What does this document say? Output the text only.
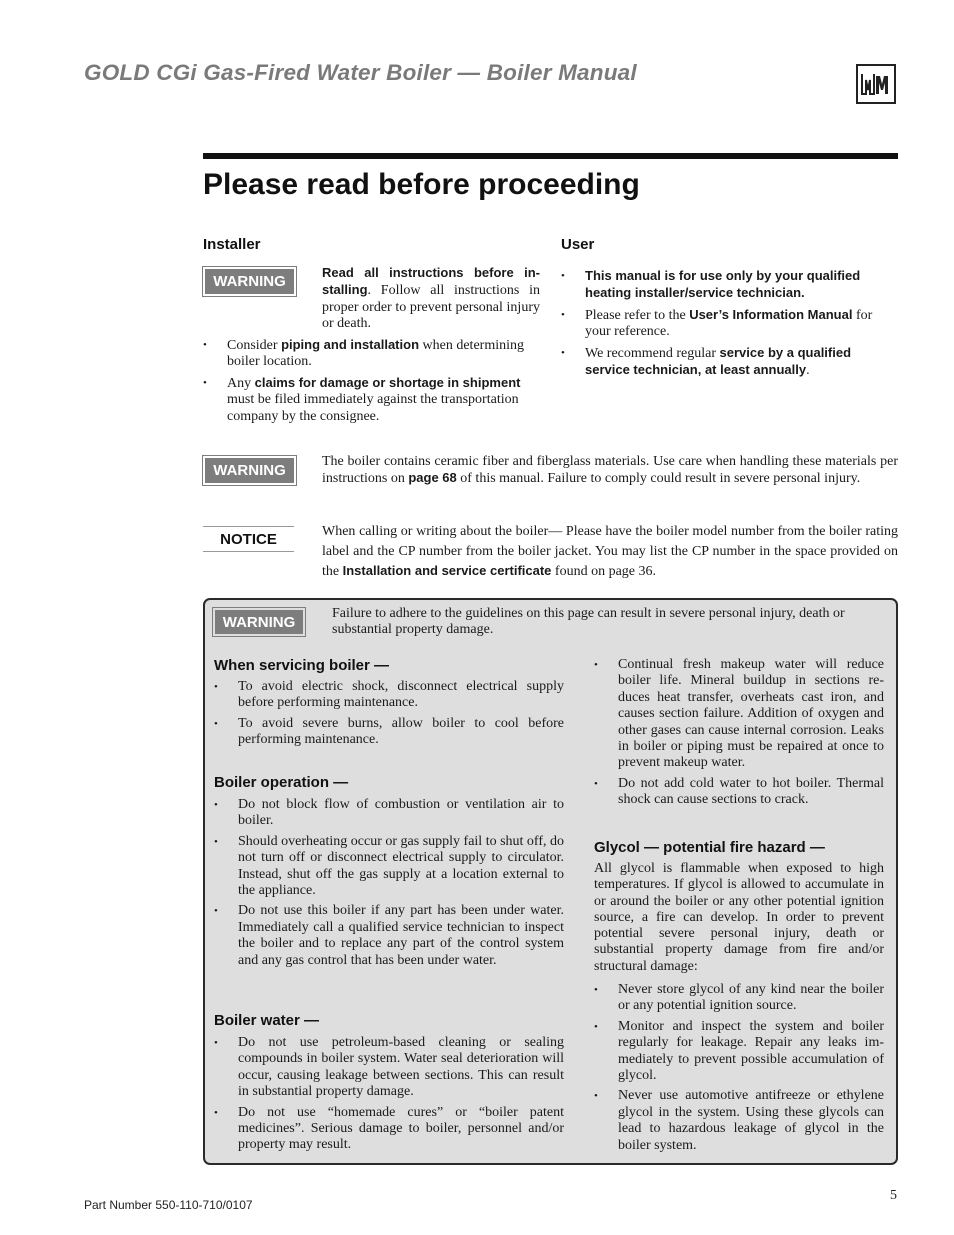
GOLD CGi Gas-Fired Water Boiler — Boiler Manual
Please read before proceeding
Installer
WARNING
Read all instructions before in-stalling. Follow all instructions in proper order to prevent personal injury or death.
• Consider piping and installation when determining boiler location.
• Any claims for damage or shortage in shipment must be filed immediately against the transportation company by the consignee.
User
• This manual is for use only by your qualified heating installer/service technician.
• Please refer to the User’s Information Manual for your reference.
• We recommend regular service by a qualified service technician, at least annually.
WARNING
The boiler contains ceramic fiber and fiberglass materials. Use care when handling these materials per instructions on page 68 of this manual. Failure to comply could result in severe personal injury.
NOTICE	When calling or writing about the boiler— Please have the boiler model number from the boiler rating label and the CP number from the boiler jacket. You may list the CP number in the space provided on the Installation and service certificate found on page 36.
WARNING	Failure to adhere to the guidelines on this page can result in severe personal injury, death or substantial property damage.
When servicing boiler —
• To avoid electric shock, disconnect electrical supply before performing maintenance.
• To avoid severe burns, allow boiler to cool before performing maintenance.
Boiler operation —
• Do not block flow of combustion or ventilation air to boiler.
• Should overheating occur or gas supply fail to shut off, do not turn off or disconnect electrical supply to circulator. Instead, shut off the gas supply at a location external to the appliance.
• Do not use this boiler if any part has been under water. Immediately call a qualified service technician to inspect the boiler and to replace any part of the control system and any gas control that has been under water.
Boiler water —
• Do not use petroleum-based cleaning or sealing compounds in boiler system. Water seal deterioration will occur, causing leakage between sections. This can result in substantial property damage.
• Do not use “homemade cures” or “boiler patent medicines”. Serious damage to boiler, personnel and/or property may result.
• Continual fresh makeup water will reduce boiler life. Mineral buildup in sections re-duces heat transfer, overheats cast iron, and causes section failure. Addition of oxygen and other gases can cause internal corrosion. Leaks in boiler or piping must be repaired at once to prevent makeup water.
• Do not add cold water to hot boiler. Thermal shock can cause sections to crack.
Glycol — potential fire hazard —
All glycol is flammable when exposed to high temperatures. If glycol is allowed to accumulate in or around the boiler or any other potential ignition source, a fire can develop. In order to prevent potential severe personal injury, death or substantial property damage from fire and/or structural damage:
• Never store glycol of any kind near the boiler or any potential ignition source.
• Monitor and inspect the system and boiler regularly for leakage. Repair any leaks im-mediately to prevent possible accumulation of glycol.
• Never use automotive antifreeze or ethylene glycol in the system. Using these glycols can lead to hazardous leakage of glycol in the boiler system.
Part Number 550-110-710/0107
5
